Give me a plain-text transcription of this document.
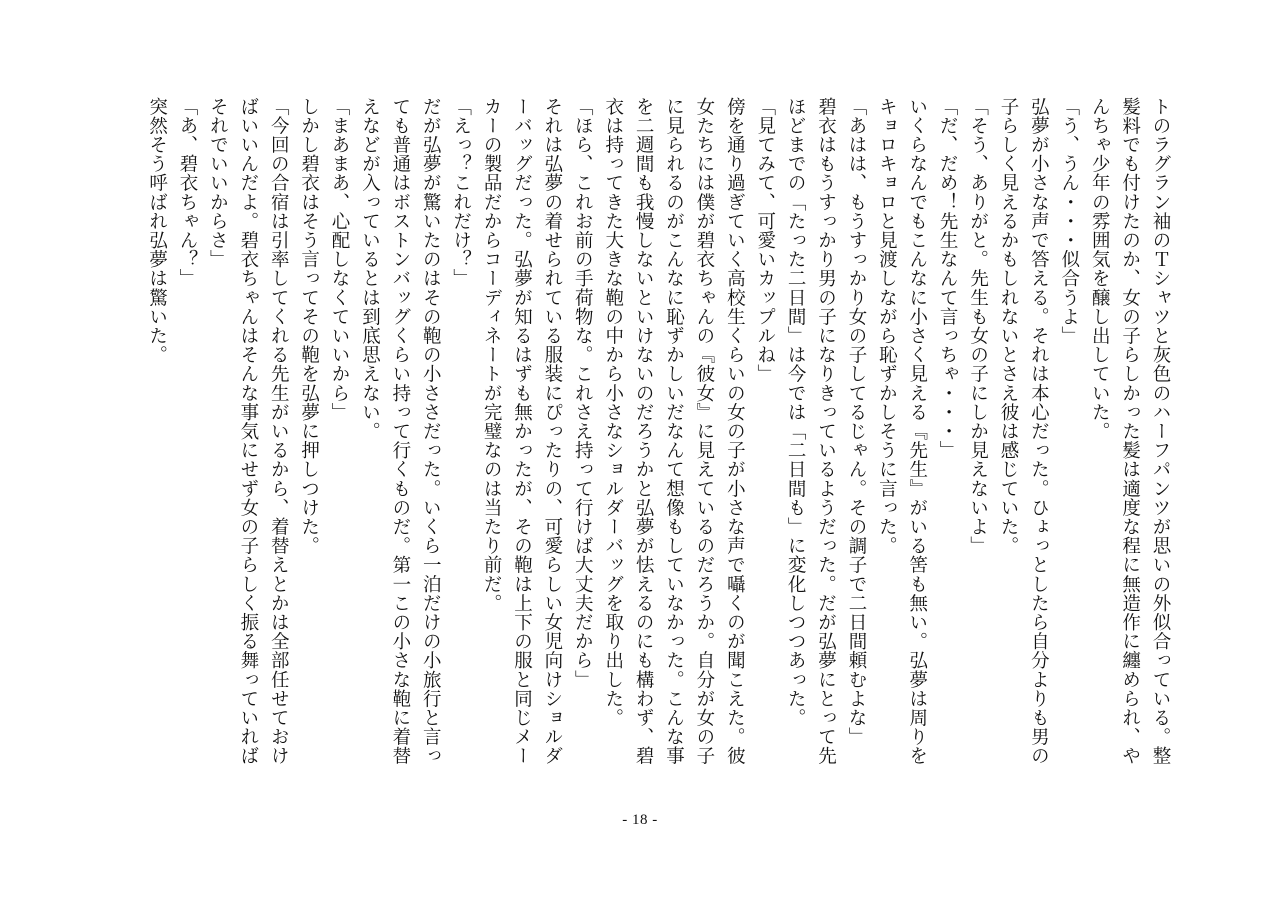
トのラグラン袖のＴシャツと灰色のハーフパンツが思いの外似合っている。整
髪料でも付けたのか、女の子らしかった髪は適度な程に無造作に纏められ、や
んちゃ少年の雰囲気を醸し出していた。
「う、うん・・・似合うよ」
弘夢が小さな声で答える。それは本心だった。ひょっとしたら自分よりも男の
子らしく見えるかもしれないとさえ彼は感じていた。
「そう、ありがと。先生も女の子にしか見えないよ」
「だ、だめ！先生なんて言っちゃ・・・」
いくらなんでもこんなに小さく見える『先生』がいる筈も無い。弘夢は周りを
キョロキョロと見渡しながら恥ずかしそうに言った。
「あはは、もうすっかり女の子してるじゃん。その調子で二日間頼むよな」
碧衣はもうすっかり男の子になりきっているようだった。だが弘夢にとって先
ほどまでの「たった二日間」は今では「二日間も」に変化しつつあった。
「見てみて、可愛いカップルね」
傍を通り過ぎていく高校生くらいの女の子が小さな声で囁くのが聞こえた。彼
女たちには僕が碧衣ちゃんの『彼女』に見えているのだろうか。自分が女の子
に見られるのがこんなに恥ずかしいだなんて想像もしていなかった。こんな事
を二週間も我慢しないといけないのだろうかと弘夢が怯えるのにも構わず、碧
衣は持ってきた大きな鞄の中から小さなショルダーバッグを取り出した。
「ほら、これお前の手荷物な。これさえ持って行けば大丈夫だから」
それは弘夢の着せられている服装にぴったりの、可愛らしい女児向けショルダ
ーバッグだった。弘夢が知るはずも無かったが、その鞄は上下の服と同じメー
カーの製品だからコーディネートが完璧なのは当たり前だ。
「えっ？これだけ？」
だが弘夢が驚いたのはその鞄の小ささだった。いくら一泊だけの小旅行と言っ
ても普通はボストンバッグくらい持って行くものだ。第一この小さな鞄に着替
えなどが入っているとは到底思えない。
「まあまあ、心配しなくていいから」
しかし碧衣はそう言ってその鞄を弘夢に押しつけた。
「今回の合宿は引率してくれる先生がいるから、着替えとかは全部任せておけ
ばいいんだよ。碧衣ちゃんはそんな事気にせず女の子らしく振る舞っていれば
それでいいからさ」
「あ、碧衣ちゃん？」
突然そう呼ばれ弘夢は驚いた。
- 18 -
